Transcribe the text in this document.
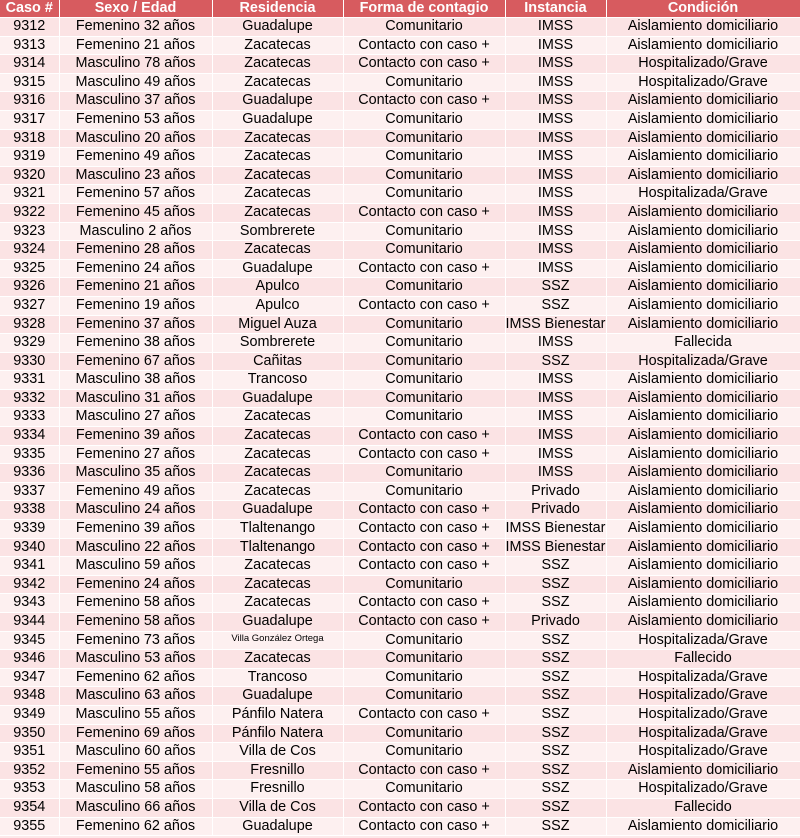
Caso #	Sexo / Edad	Residencia	Forma de contagio	Instancia	Condición
9312	Femenino 32 años	Guadalupe	Comunitario	IMSS	Aislamiento domiciliario
9313	Femenino 21 años	Zacatecas	Contacto con caso +	IMSS	Aislamiento domiciliario
9314	Masculino 78 años	Zacatecas	Contacto con caso +	IMSS	Hospitalizado/Grave
9315	Masculino 49 años	Zacatecas	Comunitario	IMSS	Hospitalizado/Grave
9316	Masculino 37 años	Guadalupe	Contacto con caso +	IMSS	Aislamiento domiciliario
9317	Femenino 53 años	Guadalupe	Comunitario	IMSS	Aislamiento domiciliario
9318	Masculino 20 años	Zacatecas	Comunitario	IMSS	Aislamiento domiciliario
9319	Femenino 49 años	Zacatecas	Comunitario	IMSS	Aislamiento domiciliario
9320	Masculino 23 años	Zacatecas	Comunitario	IMSS	Aislamiento domiciliario
9321	Femenino 57 años	Zacatecas	Comunitario	IMSS	Hospitalizada/Grave
9322	Femenino 45 años	Zacatecas	Contacto con caso +	IMSS	Aislamiento domiciliario
9323	Masculino 2 años	Sombrerete	Comunitario	IMSS	Aislamiento domiciliario
9324	Femenino 28 años	Zacatecas	Comunitario	IMSS	Aislamiento domiciliario
9325	Femenino 24 años	Guadalupe	Contacto con caso +	IMSS	Aislamiento domiciliario
9326	Femenino 21 años	Apulco	Comunitario	SSZ	Aislamiento domiciliario
9327	Femenino 19 años	Apulco	Contacto con caso +	SSZ	Aislamiento domiciliario
9328	Femenino 37 años	Miguel Auza	Comunitario	IMSS Bienestar	Aislamiento domiciliario
9329	Femenino 38 años	Sombrerete	Comunitario	IMSS	Fallecida
9330	Femenino 67 años	Cañitas	Comunitario	SSZ	Hospitalizada/Grave
9331	Masculino 38 años	Trancoso	Comunitario	IMSS	Aislamiento domiciliario
9332	Masculino 31 años	Guadalupe	Comunitario	IMSS	Aislamiento domiciliario
9333	Masculino 27 años	Zacatecas	Comunitario	IMSS	Aislamiento domiciliario
9334	Femenino 39 años	Zacatecas	Contacto con caso +	IMSS	Aislamiento domiciliario
9335	Femenino 27 años	Zacatecas	Contacto con caso +	IMSS	Aislamiento domiciliario
9336	Masculino 35 años	Zacatecas	Comunitario	IMSS	Aislamiento domiciliario
9337	Femenino 49 años	Zacatecas	Comunitario	Privado	Aislamiento domiciliario
9338	Masculino 24 años	Guadalupe	Contacto con caso +	Privado	Aislamiento domiciliario
9339	Femenino 39 años	Tlaltenango	Contacto con caso +	IMSS Bienestar	Aislamiento domiciliario
9340	Masculino 22 años	Tlaltenango	Contacto con caso +	IMSS Bienestar	Aislamiento domiciliario
9341	Masculino 59 años	Zacatecas	Contacto con caso +	SSZ	Aislamiento domiciliario
9342	Femenino 24 años	Zacatecas	Comunitario	SSZ	Aislamiento domiciliario
9343	Femenino 58 años	Zacatecas	Contacto con caso +	SSZ	Aislamiento domiciliario
9344	Femenino 58 años	Guadalupe	Contacto con caso +	Privado	Aislamiento domiciliario
9345	Femenino 73 años	Villa González Ortega	Comunitario	SSZ	Hospitalizada/Grave
9346	Masculino 53 años	Zacatecas	Comunitario	SSZ	Fallecido
9347	Femenino 62 años	Trancoso	Comunitario	SSZ	Hospitalizada/Grave
9348	Masculino 63 años	Guadalupe	Comunitario	SSZ	Hospitalizado/Grave
9349	Masculino 55 años	Pánfilo Natera	Contacto con caso +	SSZ	Hospitalizado/Grave
9350	Femenino 69 años	Pánfilo Natera	Comunitario	SSZ	Hospitalizada/Grave
9351	Masculino 60 años	Villa de Cos	Comunitario	SSZ	Hospitalizado/Grave
9352	Femenino 55 años	Fresnillo	Contacto con caso +	SSZ	Aislamiento domiciliario
9353	Masculino 58 años	Fresnillo	Comunitario	SSZ	Hospitalizado/Grave
9354	Masculino 66 años	Villa de Cos	Contacto con caso +	SSZ	Fallecido
9355	Femenino 62 años	Guadalupe	Contacto con caso +	SSZ	Aislamiento domiciliario
